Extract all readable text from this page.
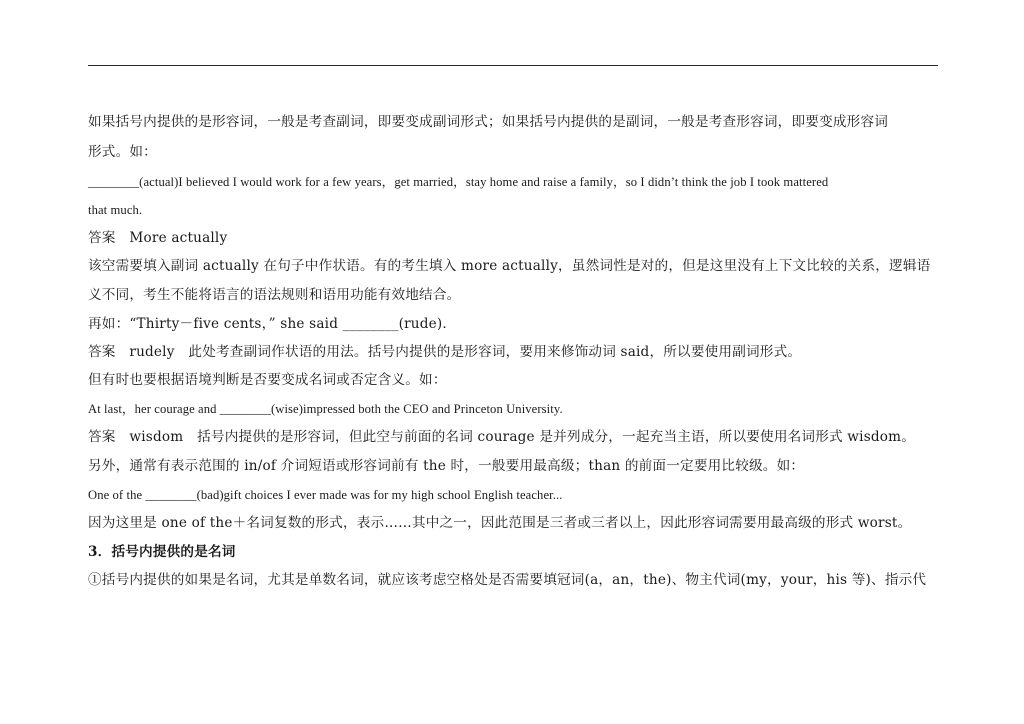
如果括号内提供的是形容词，一般是考查副词，即要变成副词形式；如果括号内提供的是副词，一般是考查形容词，即要变成形容词
形式。如：
________(actual)I believed I would work for a few years，get married，stay home and raise a family，so I didn’t think the job I took mattered
that much.
答案　More actually
该空需要填入副词 actually 在句子中作状语。有的考生填入 more actually，虽然词性是对的，但是这里没有上下文比较的关系，逻辑语
义不同，考生不能将语言的语法规则和语用功能有效地结合。
再如：“Thirty－five cents，” she said ________(rude)．
答案　rudely　此处考查副词作状语的用法。括号内提供的是形容词，要用来修饰动词 said，所以要使用副词形式。
但有时也要根据语境判断是否要变成名词或否定含义。如：
At last，her courage and ________(wise)impressed both the CEO and Princeton University.
答案　wisdom　括号内提供的是形容词，但此空与前面的名词 courage 是并列成分，一起充当主语，所以要使用名词形式 wisdom。
另外，通常有表示范围的 in/of 介词短语或形容词前有 the 时，一般要用最高级；than 的前面一定要用比较级。如：
One of the ________(bad)gift choices I ever made was for my high school English teacher...
因为这里是 one of the＋名词复数的形式，表示……其中之一，因此范围是三者或三者以上，因此形容词需要用最高级的形式 worst。
3．括号内提供的是名词
①括号内提供的如果是名词，尤其是单数名词，就应该考虑空格处是否需要填冠词(a，an，the)、物主代词(my，your，his 等)、指示代
